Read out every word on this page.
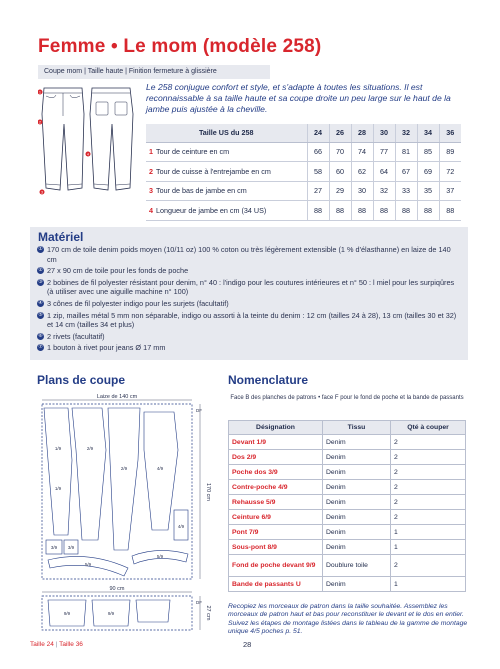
Femme • Le mom (modèle 258)
Coupe mom | Taille haute | Finition fermeture à glissière
1
2
3
4

Le 258 conjugue confort et style, et s'adapte à toutes les situations. Il est reconnaissable à sa taille haute et sa coupe droite un peu large sur le haut de la jambe puis ajustée à la cheville.

Taille US du 258	24	26	28	30	32	34	36
1 Tour de ceinture en cm	66	70	74	77	81	85	89
2 Tour de cuisse à l'entrejambe en cm	58	60	62	64	67	69	72
3 Tour de bas de jambe en cm	27	29	30	32	33	35	37
4 Longueur de jambe en cm (34 US)	88	88	88	88	88	88	88
Matériel
① 170 cm de toile denim poids moyen (10/11 oz) 100 % coton ou très légèrement extensible (1 % d'élasthanne) en laize de 140 cm
② 27 x 90 cm de toile pour les fonds de poche
③ 2 bobines de fil polyester résistant pour denim, n° 40 : l'indigo pour les coutures intérieures et n° 50 : l miel pour les surpiqûres (à utiliser avec une aiguille machine n° 100)
④ 3 cônes de fil polyester indigo pour les surjets (facultatif)
⑤ 1 zip, mailles métal 5 mm non séparable, indigo ou assorti à la teinte du denim : 12 cm (tailles 24 à 28), 13 cm (tailles 30 et 32) et 14 cm (tailles 34 et plus)
⑥ 2 rivets (facultatif)
⑦ 1 bouton à rivet pour jeans Ø 17 mm
Plans de coupe	Nomenclature
Laize de 140 cm
170 cm
DF
1/9
1/9
2/9
2/9
3/9 3/9
4/9
4/9
5/9
5/9
90 cm
27 cm
DF
9/9	9/9

Face B des planches de patrons • face F pour le fond de poche et la bande de passants

Désignation	Tissu	Qté à couper
Devant 1/9	Denim	2
Dos 2/9	Denim	2
Poche dos 3/9	Denim	2
Contre-poche 4/9	Denim	2
Rehausse 5/9	Denim	2
Ceinture 6/9	Denim	2
Pont 7/9	Denim	1
Sous-pont 8/9	Denim	1
Fond de poche devant 9/9	Doublure toile	2
Bande de passants U	Denim	1

Recopiez les morceaux de patron dans la taille souhaitée. Assemblez les morceaux de patron haut et bas pour reconstituer le devant et le dos en entier. Suivez les étapes de montage listées dans le tableau de la gamme de montage unique 4/5 poches p. 51.

Taille 24 | Taille 36	28
